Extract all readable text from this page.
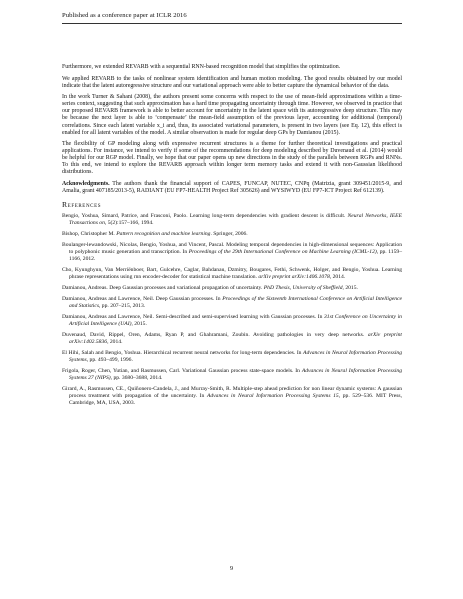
Published as a conference paper at ICLR 2016

Furthermore, we extended REVARB with a sequential RNN-based recognition model that simplifies the optimization.

We applied REVARB to the tasks of nonlinear system identification and human motion modeling. The good results obtained by our model indicate that the latent autoregressive structure and our variational approach were able to better capture the dynamical behavior of the data.

In the work Turner & Sahani (2008), the authors present some concerns with respect to the use of mean-field approximations within a time-series context, suggesting that such approximation has a hard time propagating uncertainty through time. However, we observed in practice that our proposed REVARB framework is able to better account for uncertainty in the latent space with its autoregressive deep structure. This may be because the next layer is able to ‘compensate’ the mean-field assumption of the previous layer, accounting for additional (temporal) correlations. Since each latent variable x_i and, thus, its associated variational parameters, is present in two layers (see Eq. 12), this effect is enabled for all latent variables of the model. A similar observation is made for regular deep GPs by Damianou (2015).

The flexibility of GP modeling along with expressive recurrent structures is a theme for further theoretical investigations and practical applications. For instance, we intend to verify if some of the recommendations for deep modeling described by Duvenaud et al. (2014) would be helpful for our RGP model. Finally, we hope that our paper opens up new directions in the study of the parallels between RGPs and RNNs. To this end, we intend to explore the REVARB approach within longer term memory tasks and extend it with non-Gaussian likelihood distributions.

Acknowledgments. The authors thank the financial support of CAPES, FUNCAP, NUTEC, CNPq (Matrizia, grant 309451/2015-9, and Amalia, grant 407185/2013-5), RADIANT (EU FP7-HEALTH Project Ref 305626) and WYSIWYD (EU FP7-ICT Project Ref 612139).

References

Bengio, Yoshua, Simard, Patrice, and Frasconi, Paolo. Learning long-term dependencies with gradient descent is difficult. Neural Networks, IEEE Transactions on, 5(2):157–166, 1994.

Bishop, Christopher M. Pattern recognition and machine learning. Springer, 2006.

Boulanger-lewandowski, Nicolas, Bengio, Yoshua, and Vincent, Pascal. Modeling temporal dependencies in high-dimensional sequences: Application to polyphonic music generation and transcription. In Proceedings of the 29th International Conference on Machine Learning (ICML-12), pp. 1159–1166, 2012.

Cho, Kyunghyun, Van Merriënboer, Bart, Gulcehre, Caglar, Bahdanau, Dzmitry, Bougares, Fethi, Schwenk, Holger, and Bengio, Yoshua. Learning phrase representations using rnn encoder-decoder for statistical machine translation. arXiv preprint arXiv:1406.1078, 2014.

Damianou, Andreas. Deep Gaussian processes and variational propagation of uncertainty. PhD Thesis, University of Sheffield, 2015.

Damianou, Andreas and Lawrence, Neil. Deep Gaussian processes. In Proceedings of the Sixteenth International Conference on Artificial Intelligence and Statistics, pp. 207–215, 2013.

Damianou, Andreas and Lawrence, Neil. Semi-described and semi-supervised learning with Gaussian processes. In 31st Conference on Uncertainty in Artificial Intelligence (UAI), 2015.

Duvenaud, David, Rippel, Oren, Adams, Ryan P, and Ghahramani, Zoubin. Avoiding pathologies in very deep networks. arXiv preprint arXiv:1402.5836, 2014.

El Hihi, Salah and Bengio, Yoshua. Hierarchical recurrent neural networks for long-term dependencies. In Advances in Neural Information Processing Systems, pp. 493–499, 1996.

Frigola, Roger, Chen, Yutian, and Rasmussen, Carl. Variational Gaussian process state-space models. In Advances in Neural Information Processing Systems 27 (NIPS), pp. 3680–3688, 2014.

Girard, A., Rasmussen, CE., Quiñonero-Candela, J., and Murray-Smith, R. Multiple-step ahead prediction for non linear dynamic systems: A gaussian process treatment with propagation of the uncertainty. In Advances in Neural Information Processing Systems 15, pp. 529–536. MIT Press, Cambridge, MA, USA, 2003.

9
